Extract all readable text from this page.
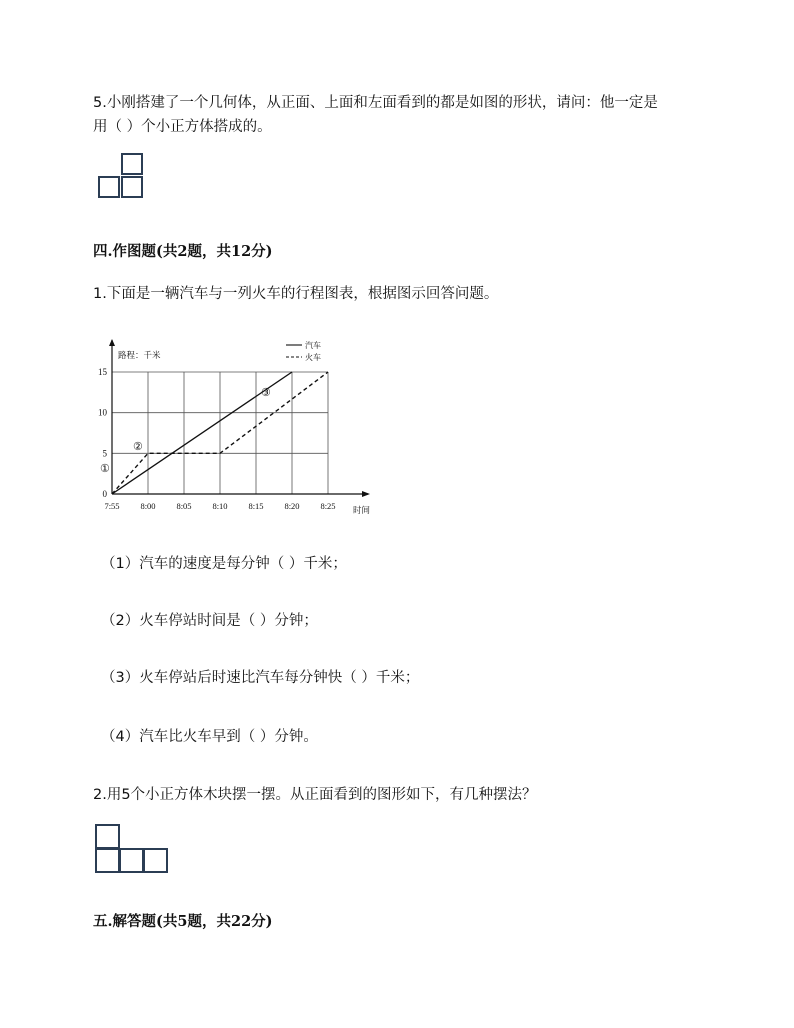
5.小刚搭建了一个几何体，从正面、上面和左面看到的都是如图的形状，请问：他一定是
用（ ）个小正方体搭成的。
四.作图题(共2题，共12分)
1.下面是一辆汽车与一列火车的行程图表，根据图示回答问题。
0
5
10
15
7:55 8:00 8:05 8:10 8:15 8:20 8:25
路程：千米
时间
汽车
火车
①
②
③
（1）汽车的速度是每分钟（ ）千米；
（2）火车停站时间是（ ）分钟；
（3）火车停站后时速比汽车每分钟快（ ）千米；
（4）汽车比火车早到（ ）分钟。
2.用5个小正方体木块摆一摆。从正面看到的图形如下，有几种摆法？
五.解答题(共5题，共22分)
